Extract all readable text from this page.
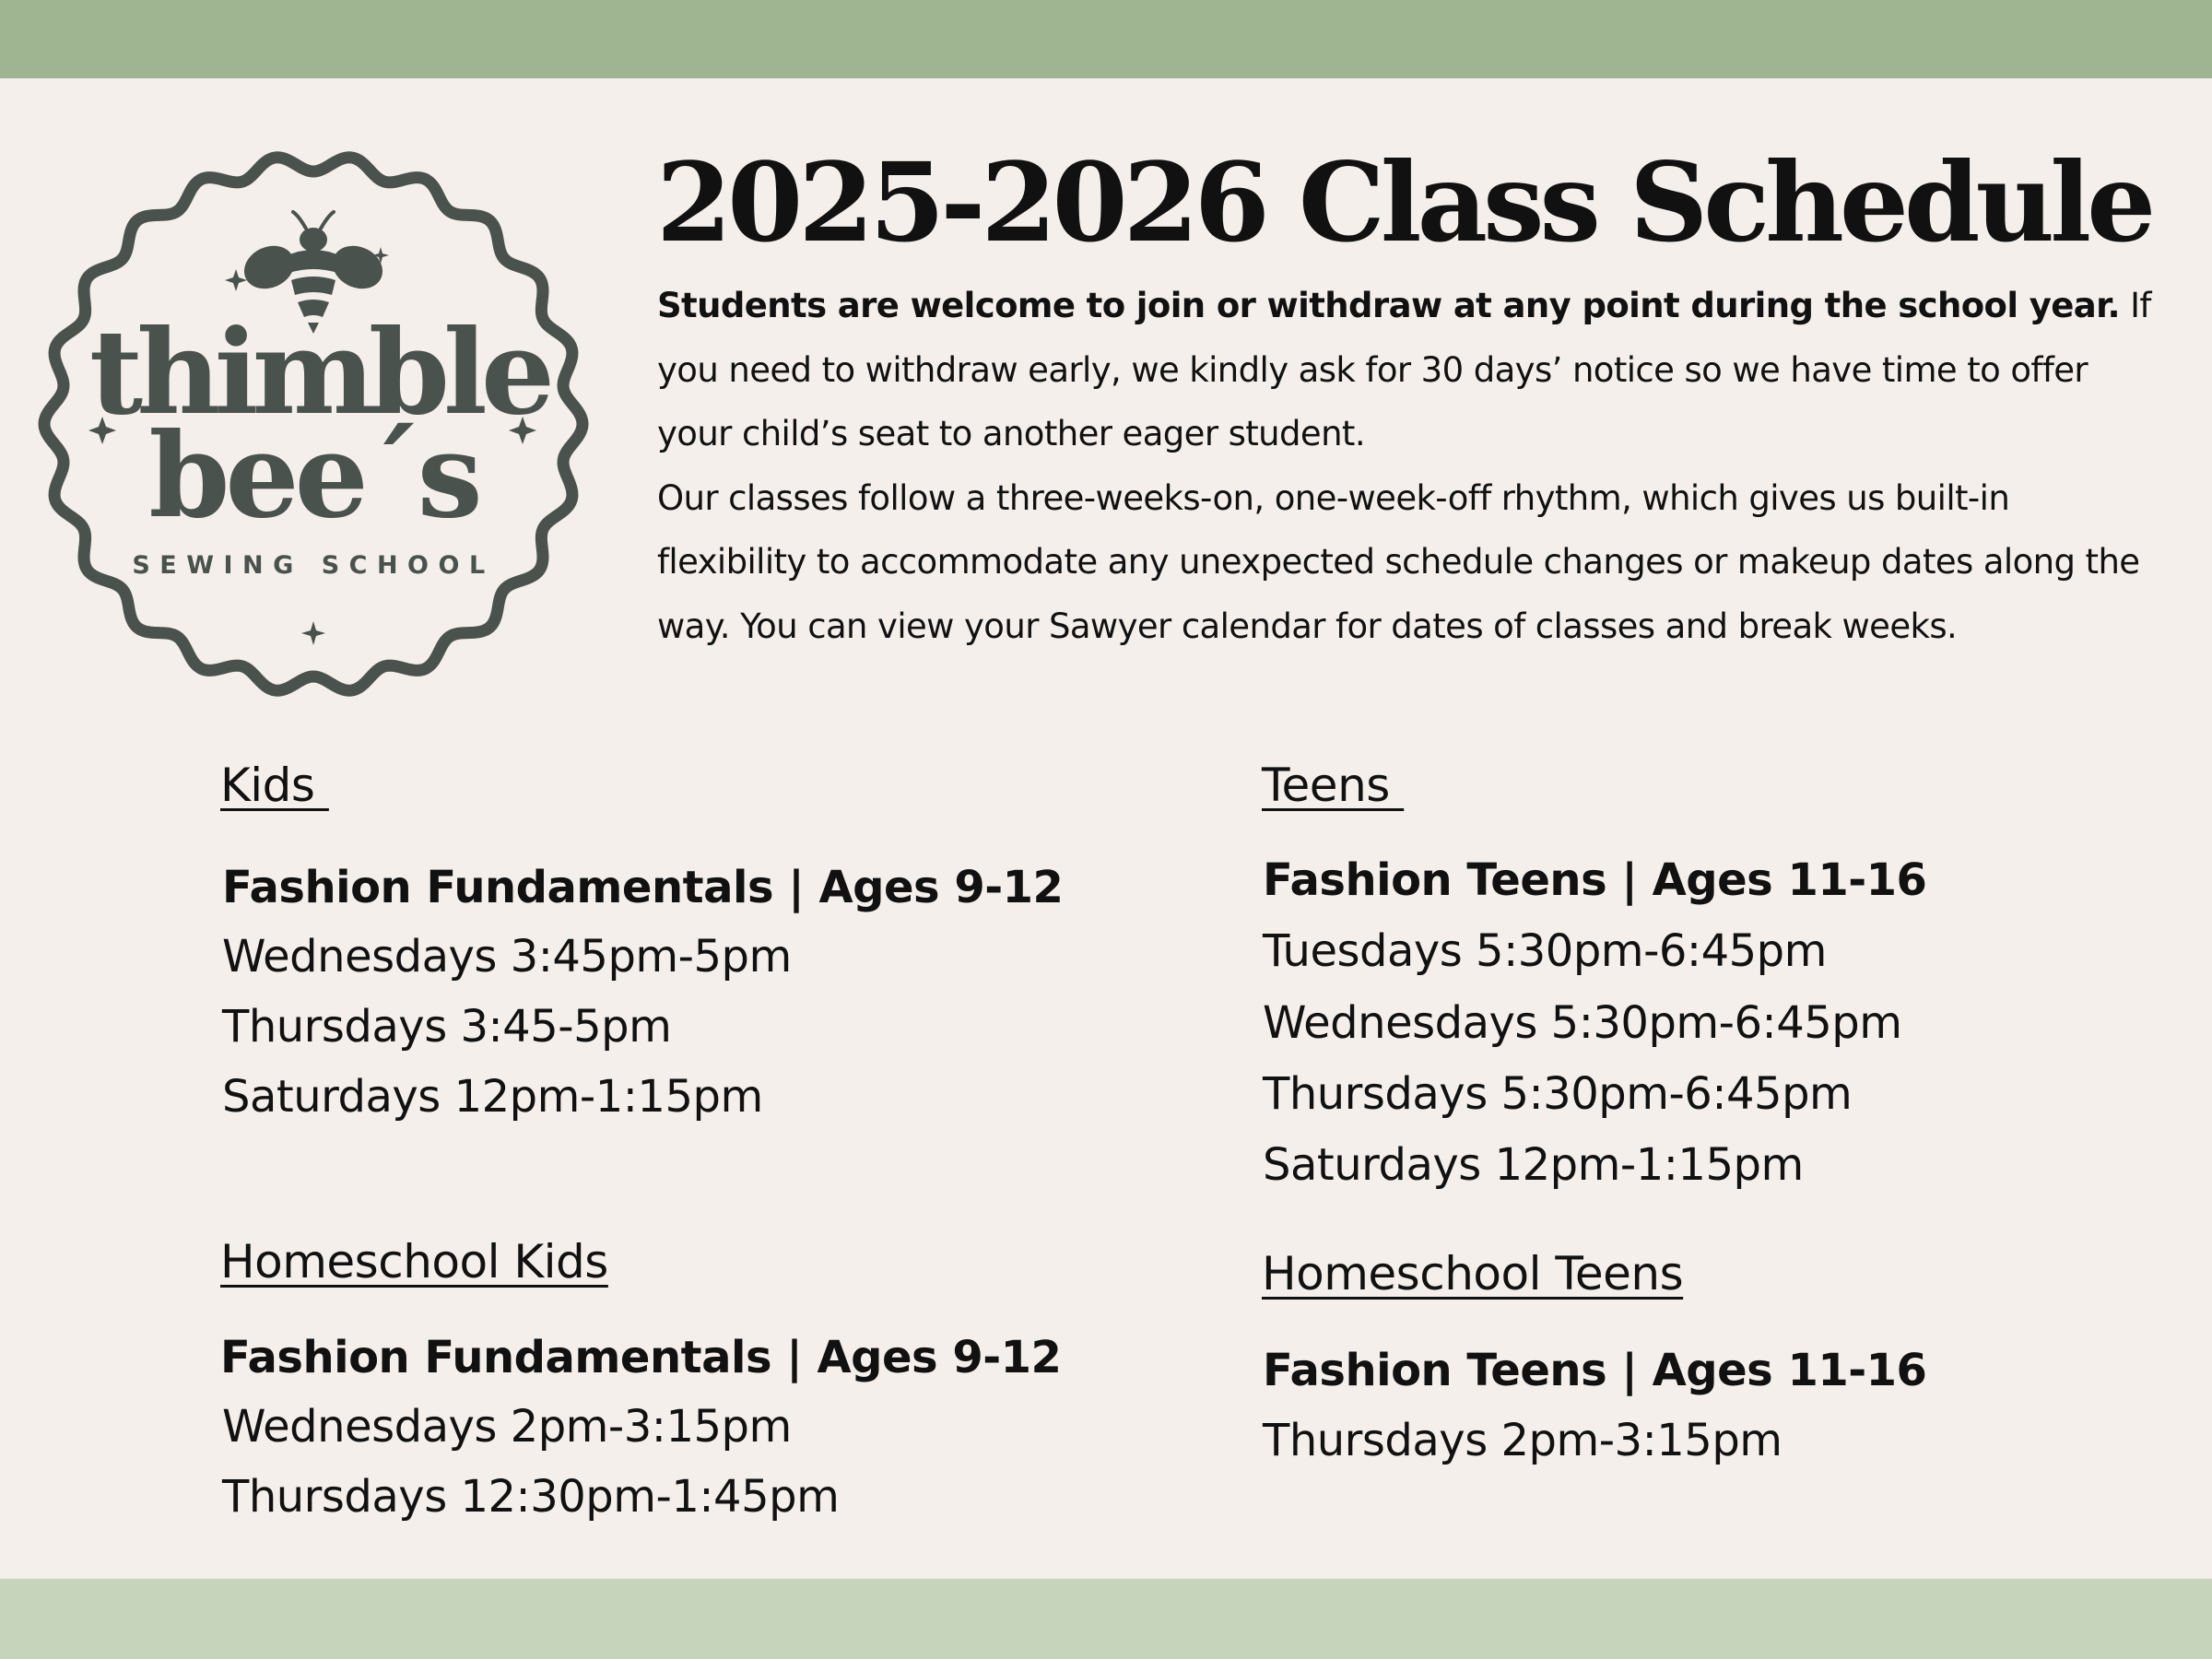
thimble
bee´s
SEWING SCHOOL
2025-2026 Class Schedule

Students are welcome to join or withdraw at any point during the school year. If you need to withdraw early, we kindly ask for 30 days’ notice so we have time to offer your child’s seat to another eager student.

Our classes follow a three-weeks-on, one-week-off rhythm, which gives us built-in flexibility to accommodate any unexpected schedule changes or makeup dates along the way. You can view your Sawyer calendar for dates of classes and break weeks.

Kids
Fashion Fundamentals | Ages 9-12
Wednesdays 3:45pm-5pm
Thursdays 3:45-5pm
Saturdays 12pm-1:15pm
Teens
Fashion Teens | Ages 11-16
Tuesdays 5:30pm-6:45pm
Wednesdays 5:30pm-6:45pm
Thursdays 5:30pm-6:45pm
Saturdays 12pm-1:15pm
Homeschool Kids
Fashion Fundamentals | Ages 9-12
Wednesdays 2pm-3:15pm
Thursdays 12:30pm-1:45pm
Homeschool Teens
Fashion Teens | Ages 11-16
Thursdays 2pm-3:15pm
